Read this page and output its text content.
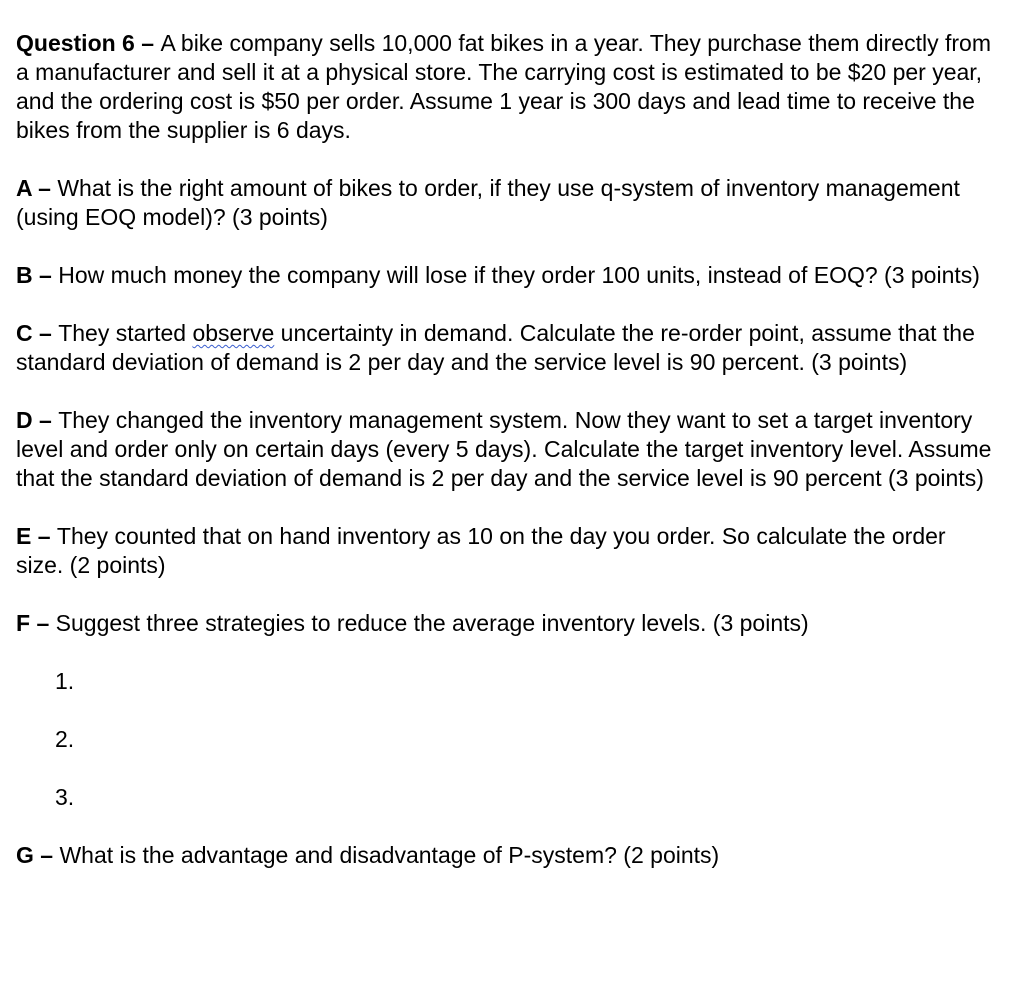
Question 6 – A bike company sells 10,000 fat bikes in a year. They purchase them directly from a manufacturer and sell it at a physical store. The carrying cost is estimated to be $20 per year, and the ordering cost is $50 per order. Assume 1 year is 300 days and lead time to receive the bikes from the supplier is 6 days.

A – What is the right amount of bikes to order, if they use q-system of inventory management (using EOQ model)? (3 points)

B – How much money the company will lose if they order 100 units, instead of EOQ? (3 points)

C – They started observe uncertainty in demand. Calculate the re-order point, assume that the standard deviation of demand is 2 per day and the service level is 90 percent. (3 points)

D – They changed the inventory management system. Now they want to set a target inventory level and order only on certain days (every 5 days). Calculate the target inventory level. Assume that the standard deviation of demand is 2 per day and the service level is 90 percent (3 points)

E – They counted that on hand inventory as 10 on the day you order. So calculate the order size. (2 points)

F – Suggest three strategies to reduce the average inventory levels. (3 points)

1.
2.
3.

G – What is the advantage and disadvantage of P-system? (2 points)
